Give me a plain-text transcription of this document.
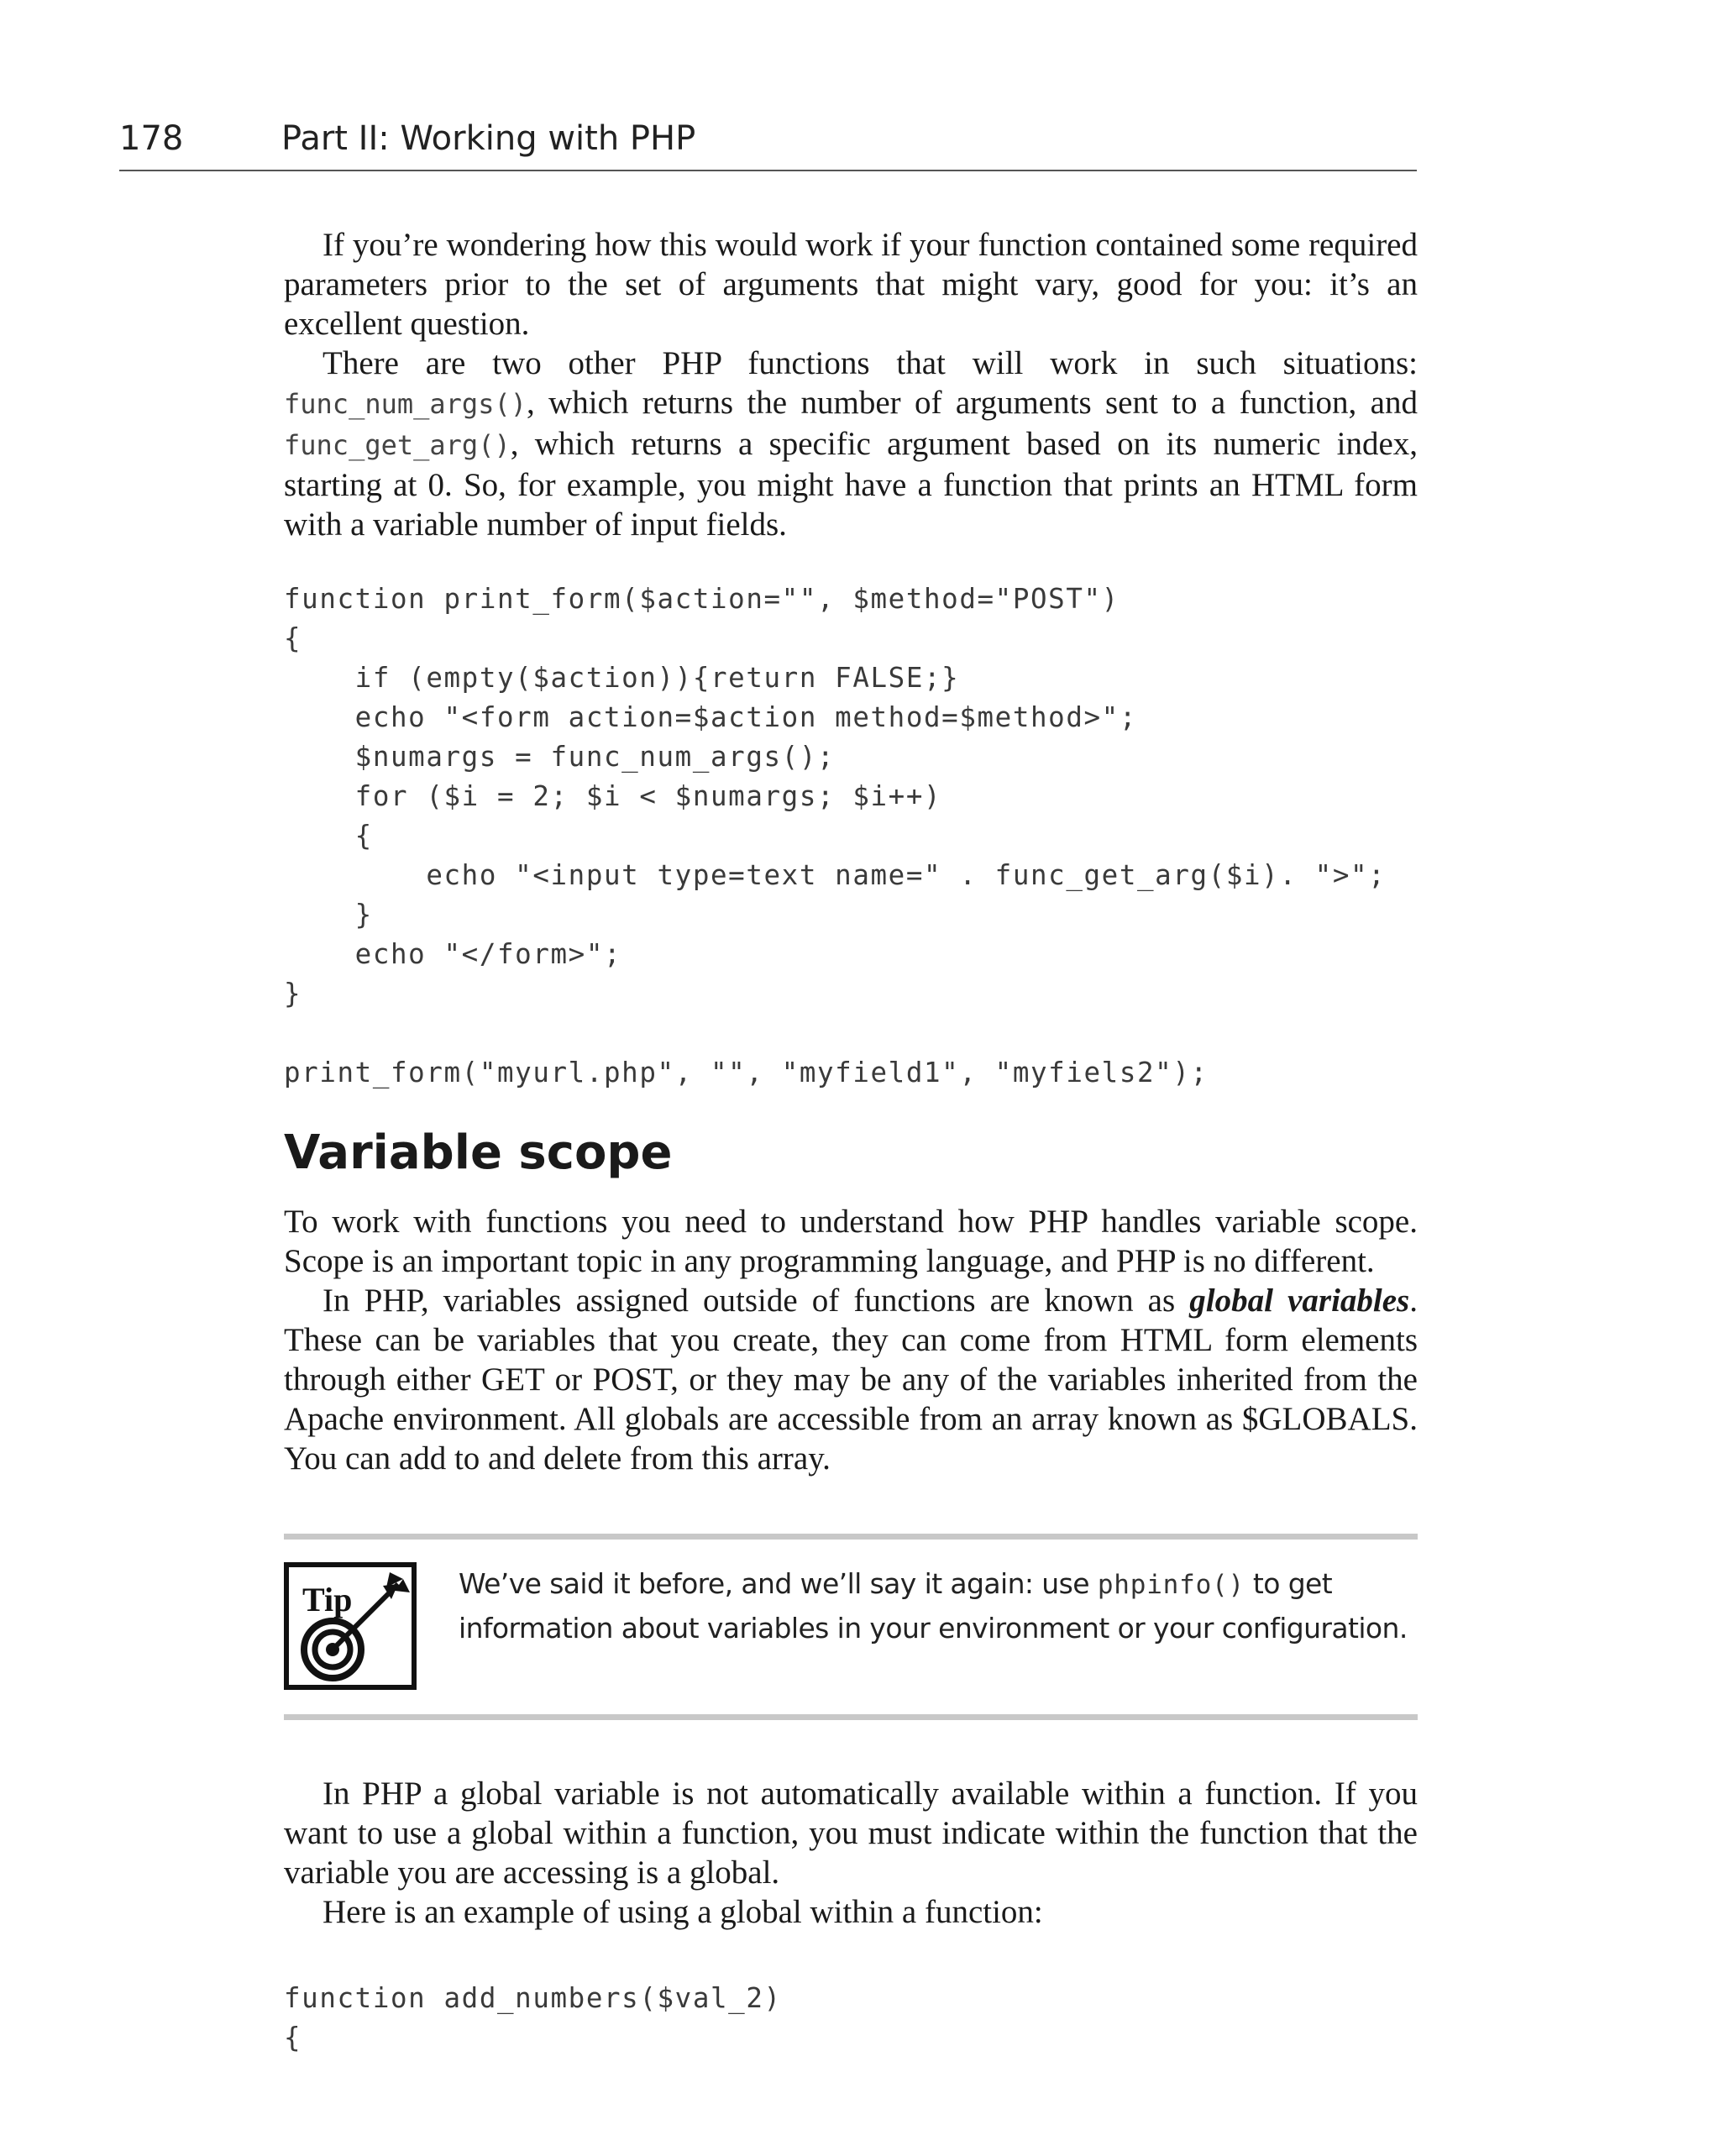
178	Part II: Working with PHP

If you’re wondering how this would work if your function contained some required parameters prior to the set of arguments that might vary, good for you: it’s an excellent question.

There are two other PHP functions that will work in such situations: func_num_args(), which returns the number of arguments sent to a function, and func_get_arg(), which returns a specific argument based on its numeric index, starting at 0. So, for example, you might have a function that prints an HTML form with a variable number of input fields.

function print_form($action="", $method="POST")
{
if (empty($action)){return FALSE;}
echo "<form action=$action method=$method>";
$numargs = func_num_args();
for ($i = 2; $i < $numargs; $i++)
{
echo "<input type=text name=" . func_get_arg($i). ">";
}
echo "</form>";
}

print_form("myurl.php", "", "myfield1", "myfiels2");
Variable scope

To work with functions you need to understand how PHP handles variable scope. Scope is an important topic in any programming language, and PHP is no different.

In PHP, variables assigned outside of functions are known as global variables. These can be variables that you create, they can come from HTML form elements through either GET or POST, or they may be any of the variables inherited from the Apache environment. All globals are accessible from an array known as $GLOBALS. You can add to and delete from this array.

Tip	We’ve said it before, and we’ll say it again: use phpinfo() to get information about variables in your environment or your configuration.

In PHP a global variable is not automatically available within a function. If you want to use a global within a function, you must indicate within the function that the variable you are accessing is a global.

Here is an example of using a global within a function:

function add_numbers($val_2)
{
